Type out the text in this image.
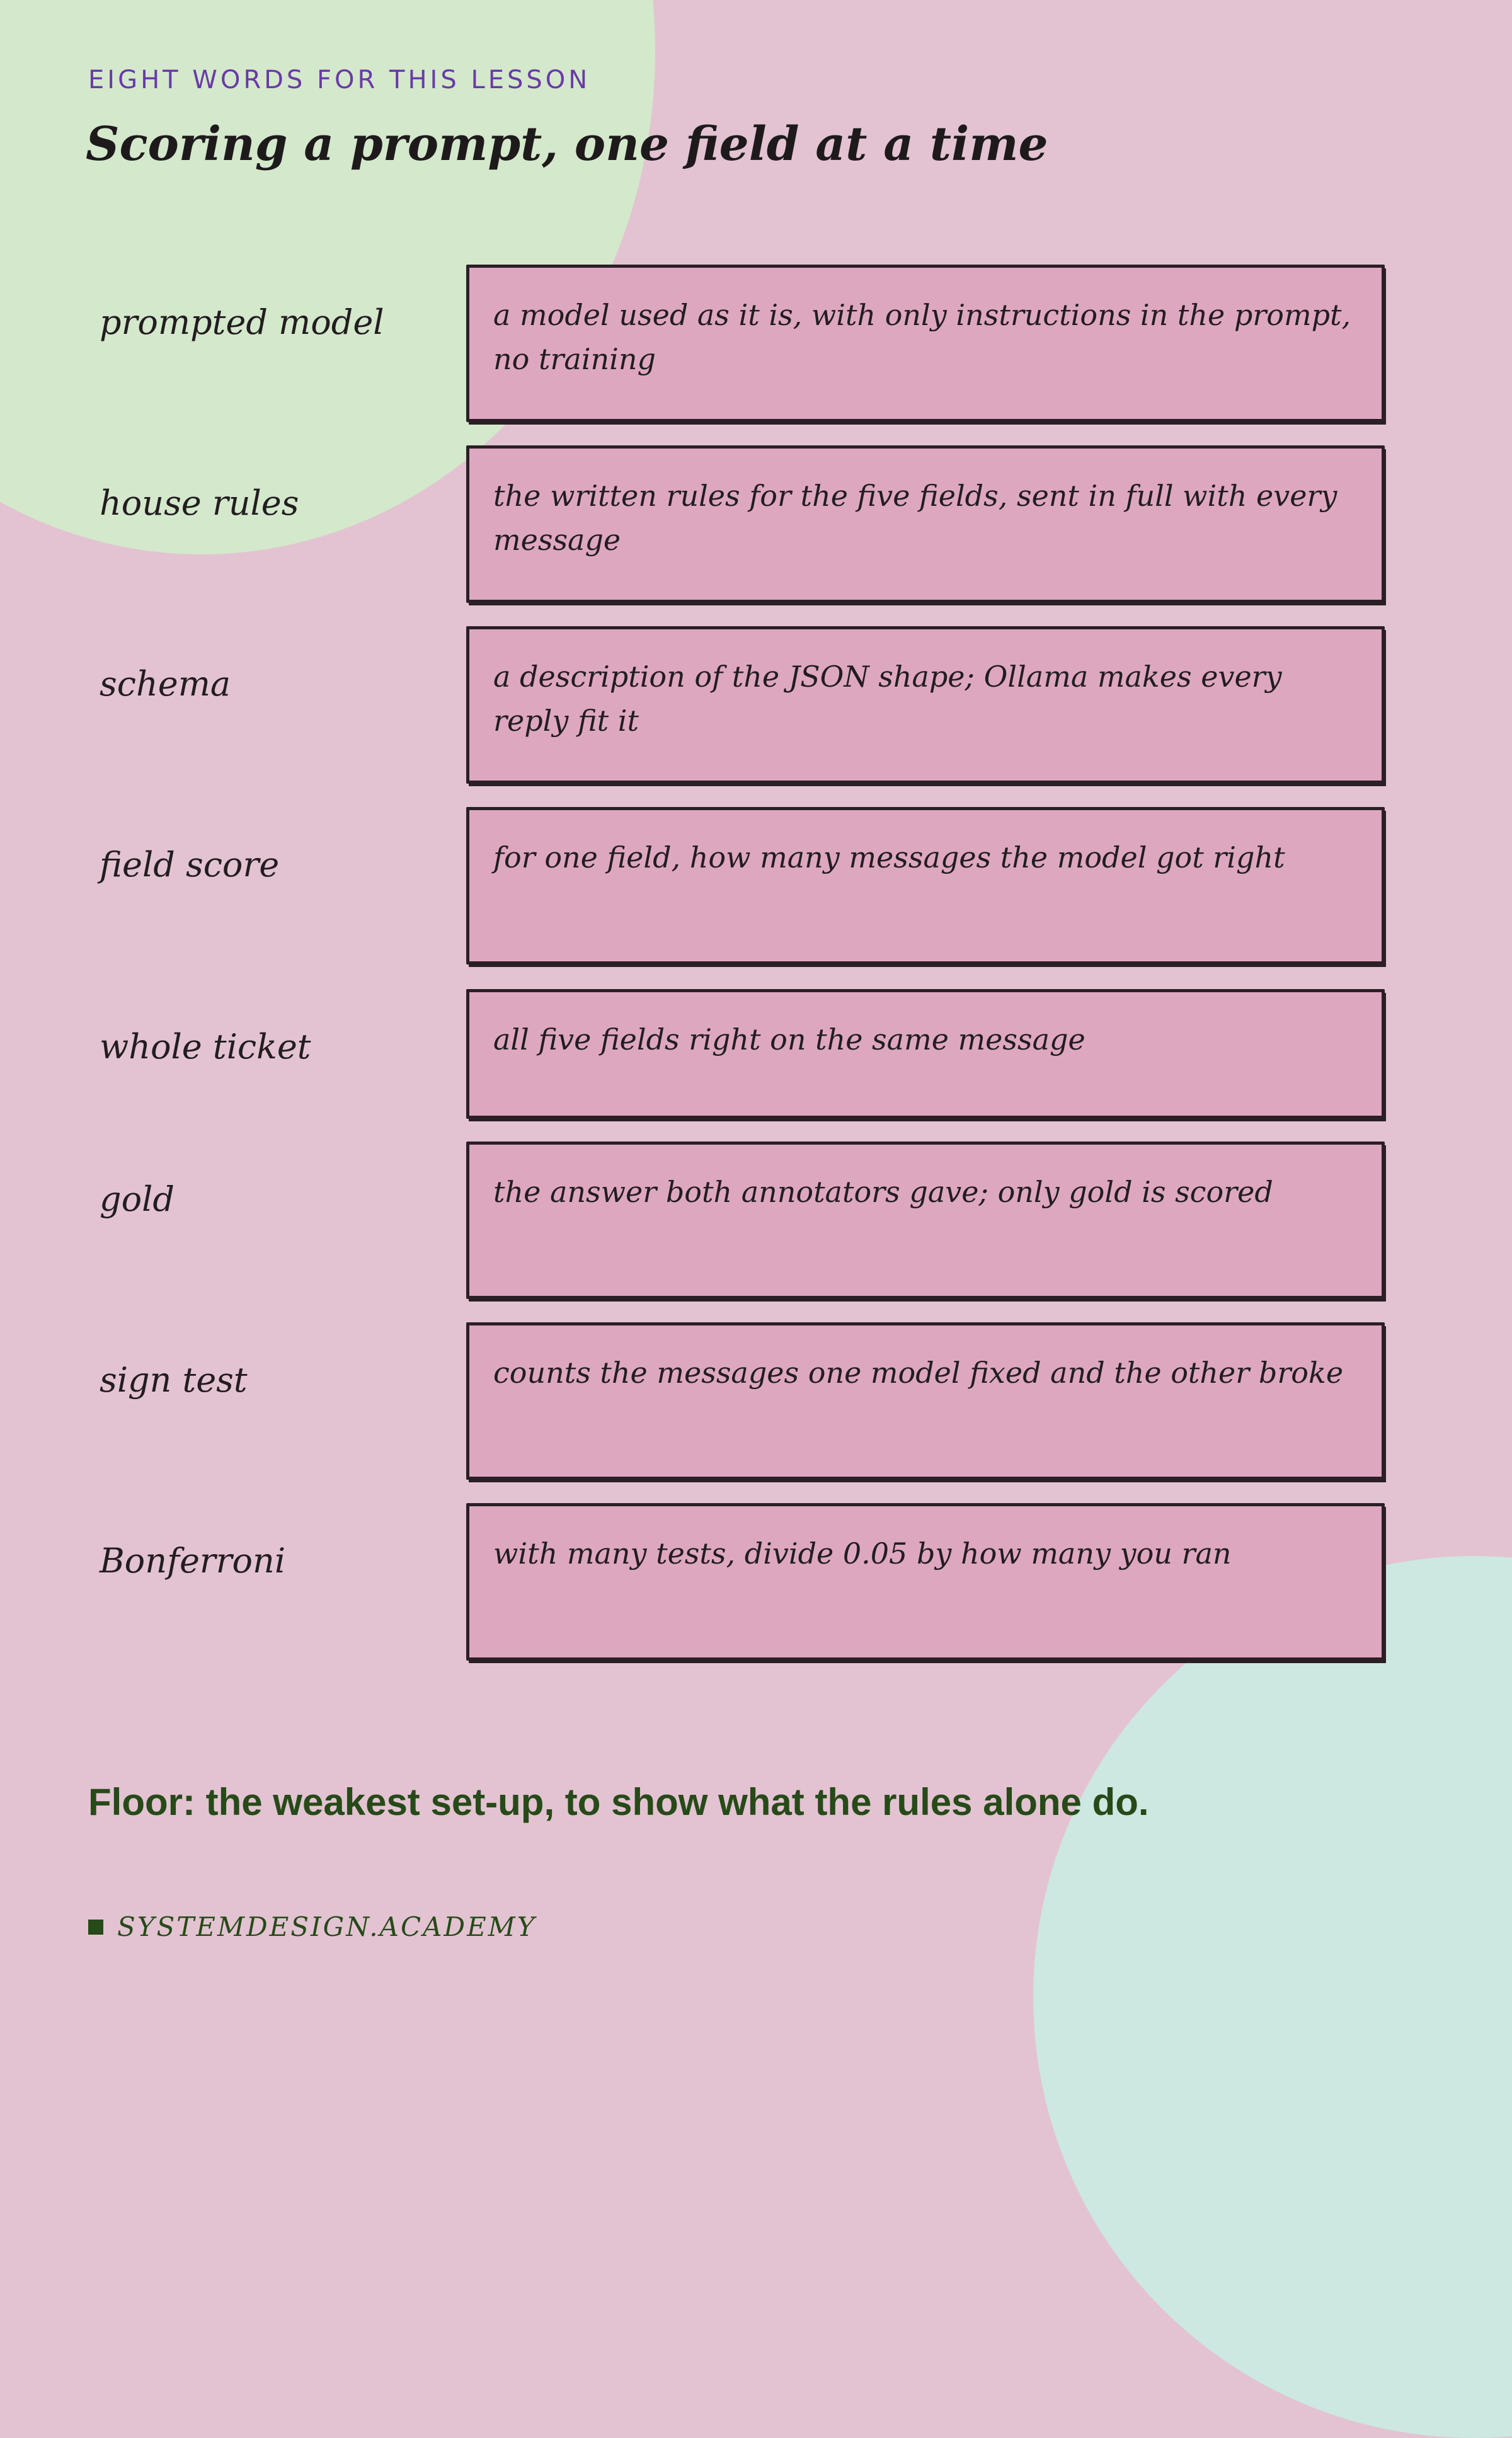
EIGHT WORDS FOR THIS LESSON
Scoring a prompt, one field at a time
prompted model	a model used as it is, with only instructions in the prompt, no training
house rules	the written rules for the five fields, sent in full with every message
schema	a description of the JSON shape; Ollama makes every reply fit it
field score	for one field, how many messages the model got right
whole ticket	all five fields right on the same message
gold	the answer both annotators gave; only gold is scored
sign test	counts the messages one model fixed and the other broke
Bonferroni	with many tests, divide 0.05 by how many you ran
Floor: the weakest set-up, to show what the rules alone do.
SYSTEMDESIGN.ACADEMY
